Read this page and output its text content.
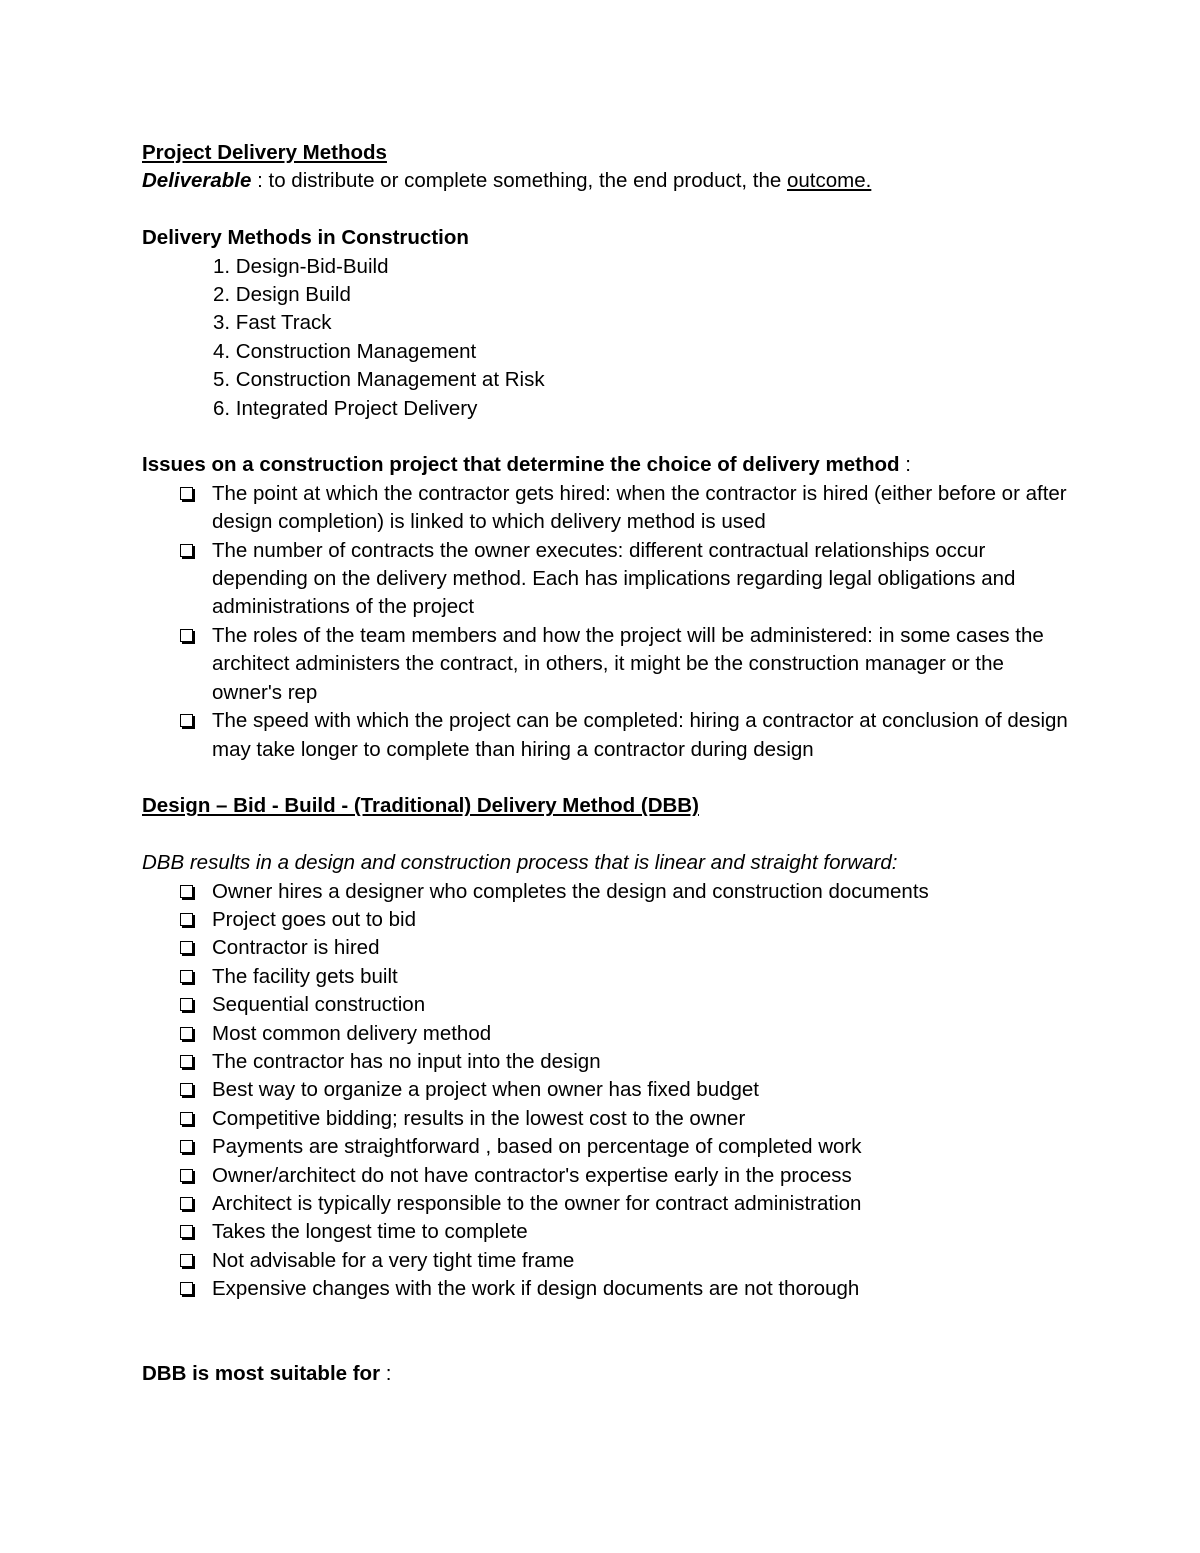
Project Delivery Methods

Deliverable : to distribute or complete something, the end product, the outcome.

Delivery Methods in Construction

1. Design-Bid-Build
2. Design Build
3. Fast Track
4. Construction Management
5. Construction Management at Risk
6. Integrated Project Delivery

Issues on a construction project that determine the choice of delivery method :

The point at which the contractor gets hired: when the contractor is hired (either before or after design completion) is linked to which delivery method is used
The number of contracts the owner executes: different contractual relationships occur depending on the delivery method. Each has implications regarding legal obligations and administrations of the project
The roles of the team members and how the project will be administered: in some cases the architect administers the contract, in others, it might be the construction manager or the owner's rep
The speed with which the project can be completed: hiring a contractor at conclusion of design may take longer to complete than hiring a contractor during design

Design – Bid - Build - (Traditional) Delivery Method (DBB)

DBB results in a design and construction process that is linear and straight forward:

Owner hires a designer who completes the design and construction documents
Project goes out to bid
Contractor is hired
The facility gets built
Sequential construction
Most common delivery method
The contractor has no input into the design
Best way to organize a project when owner has fixed budget
Competitive bidding; results in the lowest cost to the owner
Payments are straightforward , based on percentage of completed work
Owner/architect do not have contractor's expertise early in the process
Architect is typically responsible to the owner for contract administration
Takes the longest time to complete
Not advisable for a very tight time frame
Expensive changes with the work if design documents are not thorough

DBB is most suitable for :
